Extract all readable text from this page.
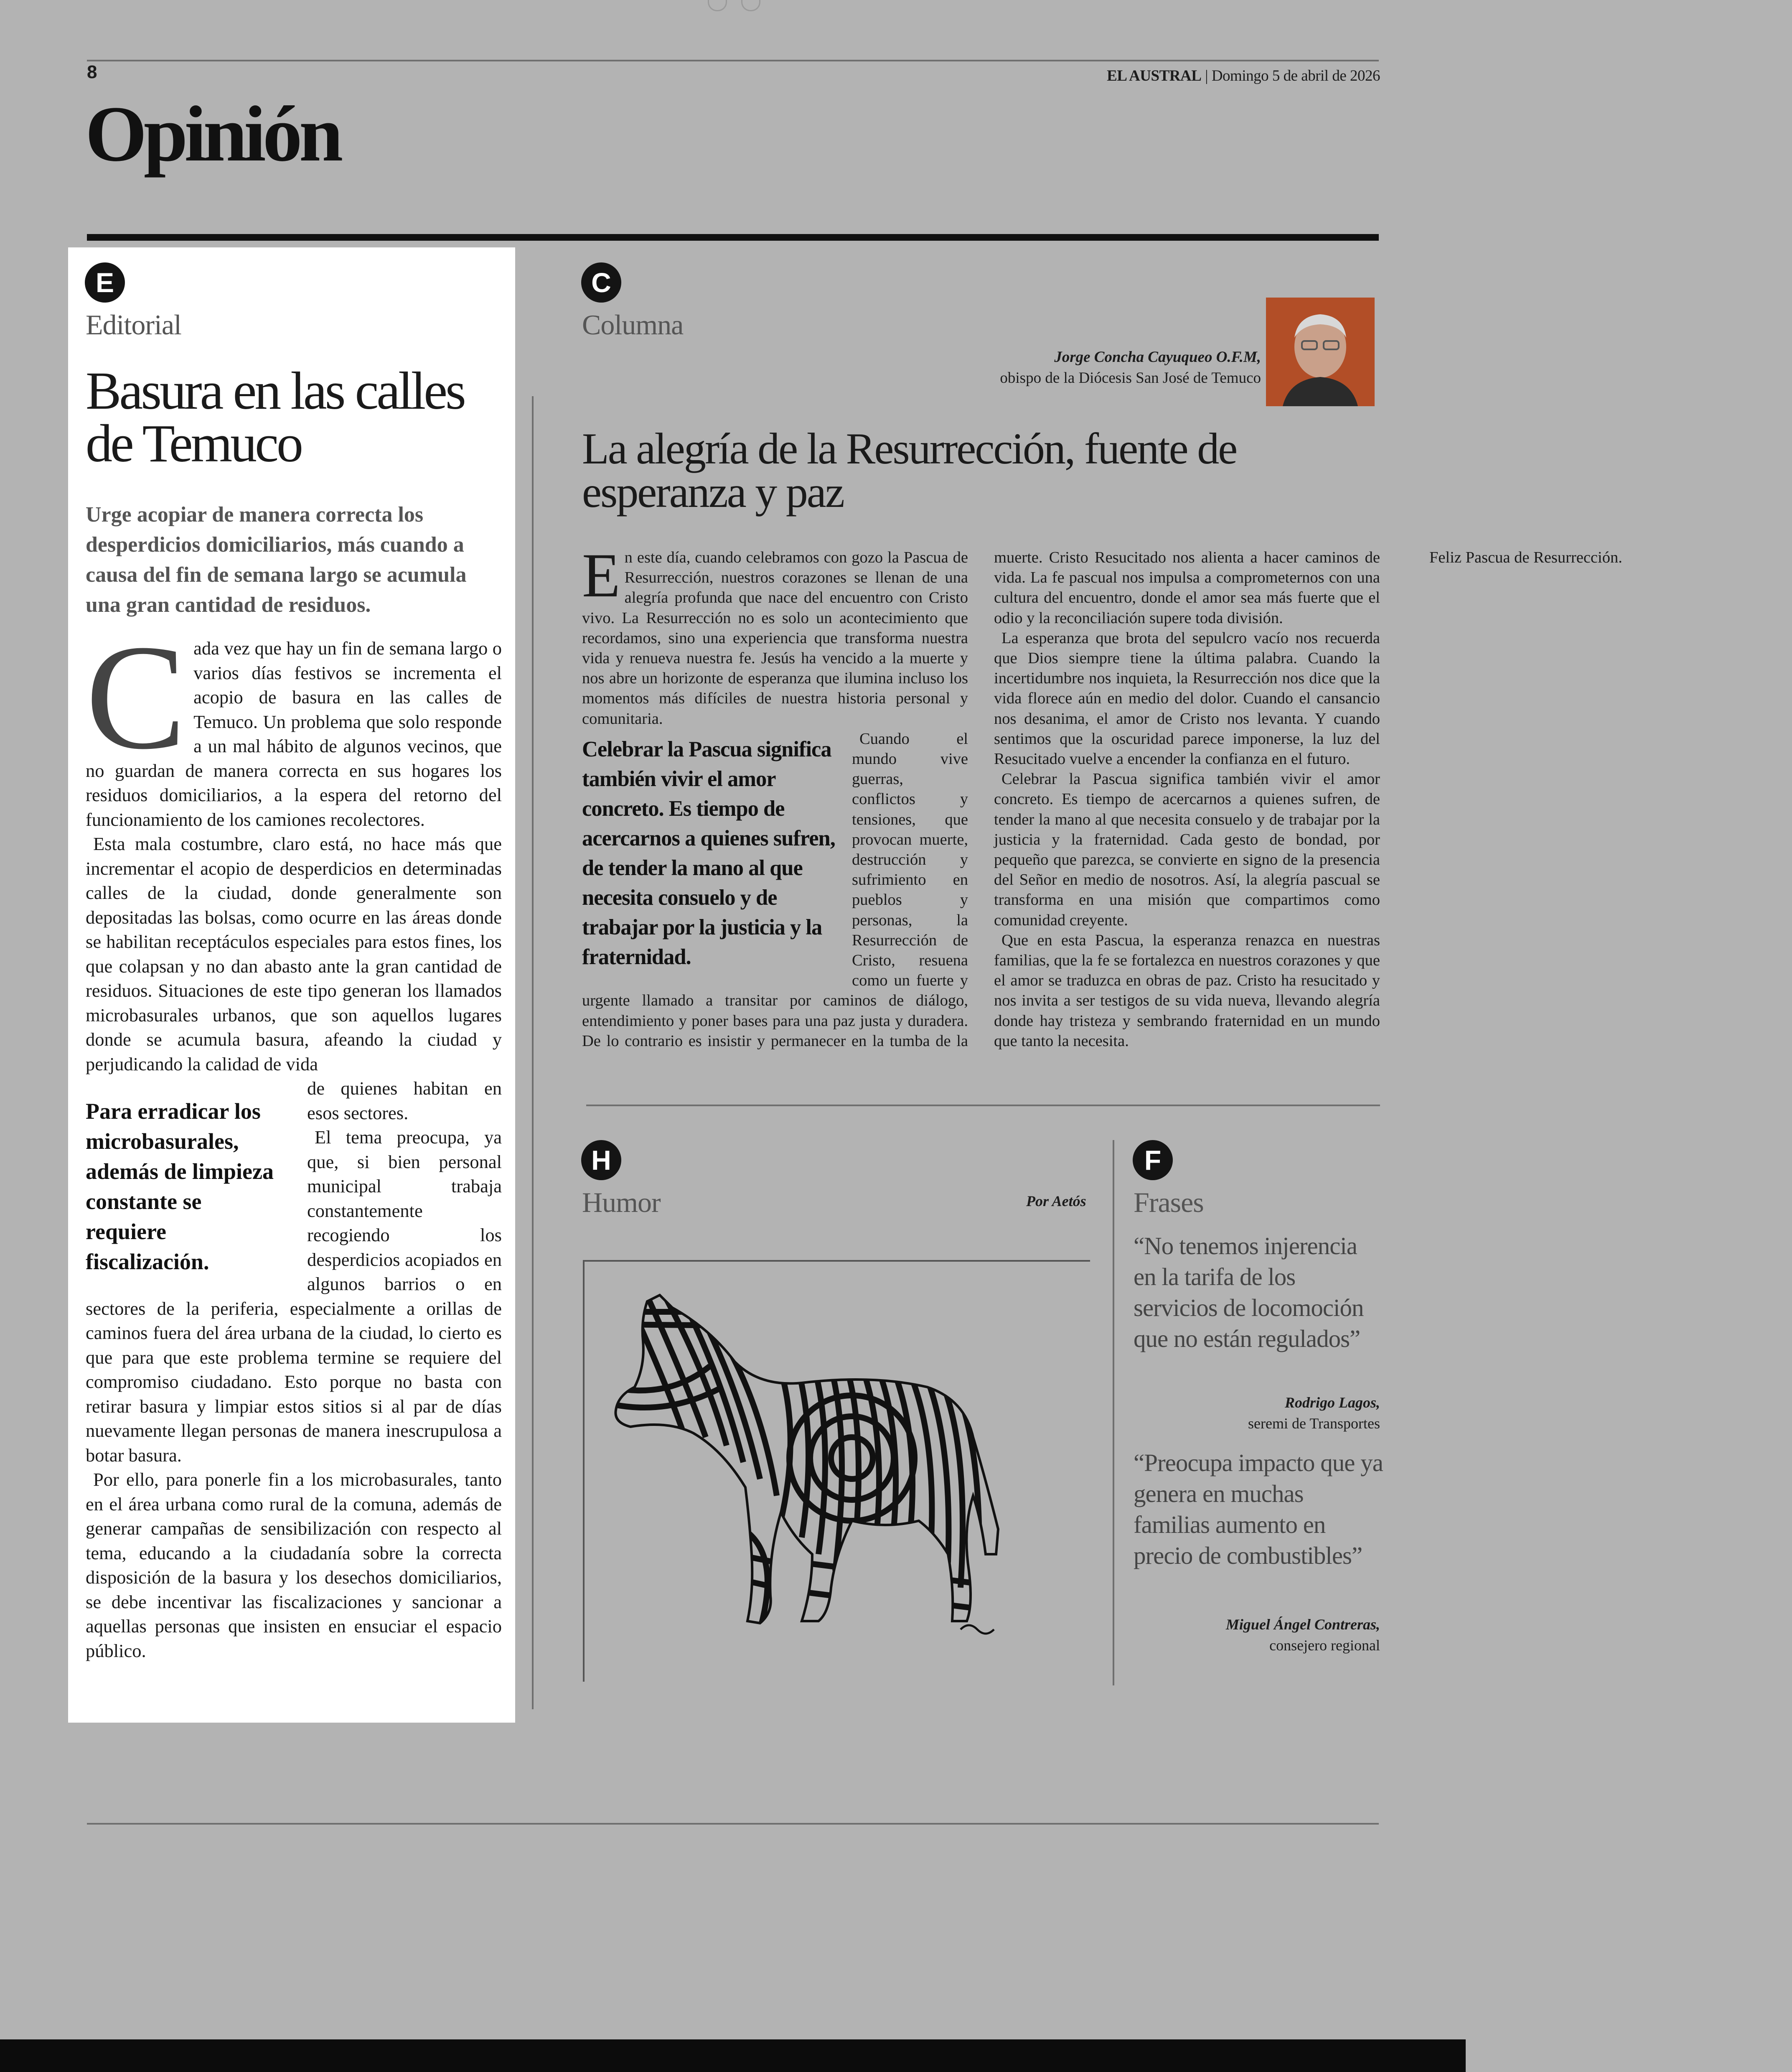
8	EL AUSTRAL | Domingo 5 de abril de 2026
Opinión
E
Editorial
Basura en las calles de Temuco
Urge acopiar de manera correcta los desperdicios domiciliarios, más cuando a causa del fin de semana largo se acumula una gran cantidad de residuos.

Cada vez que hay un fin de semana largo o varios días festivos se incrementa el acopio de basura en las calles de Temuco. Un problema que solo responde a un mal hábito de algunos vecinos, que no guardan de manera correcta en sus hogares los residuos domiciliarios, a la espera del retorno del funcionamiento de los camiones recolectores.

Esta mala costumbre, claro está, no hace más que incrementar el acopio de desperdicios en determinadas calles de la ciudad, donde generalmente son depositadas las bolsas, como ocurre en las áreas donde se habilitan receptáculos especiales para estos fines, los que colapsan y no dan abasto ante la gran cantidad de residuos. Situaciones de este tipo generan los llamados microbasurales urbanos, que son aquellos lugares donde se acumula basura, afeando la ciudad y perjudicando la calidad de vida

Para erradicar los microbasurales, además de limpieza constante se requiere fiscalización.

de quienes habitan en esos sectores.

El tema preocupa, ya que, si bien personal municipal trabaja constantemente recogiendo los desperdicios acopiados en algunos barrios o en sectores de la periferia, especialmente a orillas de caminos fuera del área urbana de la ciudad, lo cierto es que para que este problema termine se requiere del compromiso ciudadano. Esto porque no basta con retirar basura y limpiar estos sitios si al par de días nuevamente llegan personas de manera inescrupulosa a botar basura.

Por ello, para ponerle fin a los microbasurales, tanto en el área urbana como rural de la comuna, además de generar campañas de sensibilización con respecto al tema, educando a la ciudadanía sobre la correcta disposición de la basura y los desechos domiciliarios, se debe incentivar las fiscalizaciones y sancionar a aquellas personas que insisten en ensuciar el espacio público.

C
Columna
Jorge Concha Cayuqueo O.F.M,
obispo de la Diócesis San José de Temuco
La alegría de la Resurrección, fuente de esperanza y paz

En este día, cuando celebramos con gozo la Pascua de Resurrección, nuestros corazones se llenan de una alegría profunda que nace del encuentro con Cristo vivo. La Resurrección no es solo un acontecimiento que recordamos, sino una experiencia que transforma nuestra vida y renueva nuestra fe. Jesús ha vencido a la muerte y nos abre un horizonte de esperanza que ilumina incluso los momentos más difíciles de nuestra historia personal y comunitaria.

Celebrar la Pascua significa también vivir el amor concreto. Es tiempo de acercarnos a quienes sufren, de tender la mano al que necesita consuelo y de trabajar por la justicia y la fraternidad.

Cuando el mundo vive guerras, conflictos y tensiones, que provocan muerte, destrucción y sufrimiento en pueblos y personas, la Resurrección de Cristo, resuena como un fuerte y urgente llamado a transitar por caminos de diálogo, entendimiento y poner bases para una paz justa y duradera. De lo contrario es insistir y permanecer en la tumba de la muerte. Cristo Resucitado nos alienta a hacer caminos de vida. La fe pascual nos impulsa a comprometernos con una cultura del encuentro, donde el amor sea más fuerte que el odio y la reconciliación supere toda división.

La esperanza que brota del sepulcro vacío nos recuerda que Dios siempre tiene la última palabra. Cuando la incertidumbre nos inquieta, la Resurrección nos dice que la vida florece aún en medio del dolor. Cuando el cansancio nos desanima, el amor de Cristo nos levanta. Y cuando sentimos que la oscuridad parece imponerse, la luz del Resucitado vuelve a encender la confianza en el futuro.

Celebrar la Pascua significa también vivir el amor concreto. Es tiempo de acercarnos a quienes sufren, de tender la mano al que necesita consuelo y de trabajar por la justicia y la fraternidad. Cada gesto de bondad, por pequeño que parezca, se convierte en signo de la presencia del Señor en medio de nosotros. Así, la alegría pascual se transforma en una misión que compartimos como comunidad creyente.

Que en esta Pascua, la esperanza renazca en nuestras familias, que la fe se fortalezca en nuestros corazones y que el amor se traduzca en obras de paz. Cristo ha resucitado y nos invita a ser testigos de su vida nueva, llevando alegría donde hay tristeza y sembrando fraternidad en un mundo que tanto la necesita.

Feliz Pascua de Resurrección.

H
Humor	Por Aetós
F
Frases
“No tenemos injerencia en la tarifa de los servicios de locomoción que no están regulados”
Rodrigo Lagos,
seremi de Transportes
“Preocupa impacto que ya genera en muchas familias aumento en precio de combustibles”
Miguel Ángel Contreras,
consejero regional
